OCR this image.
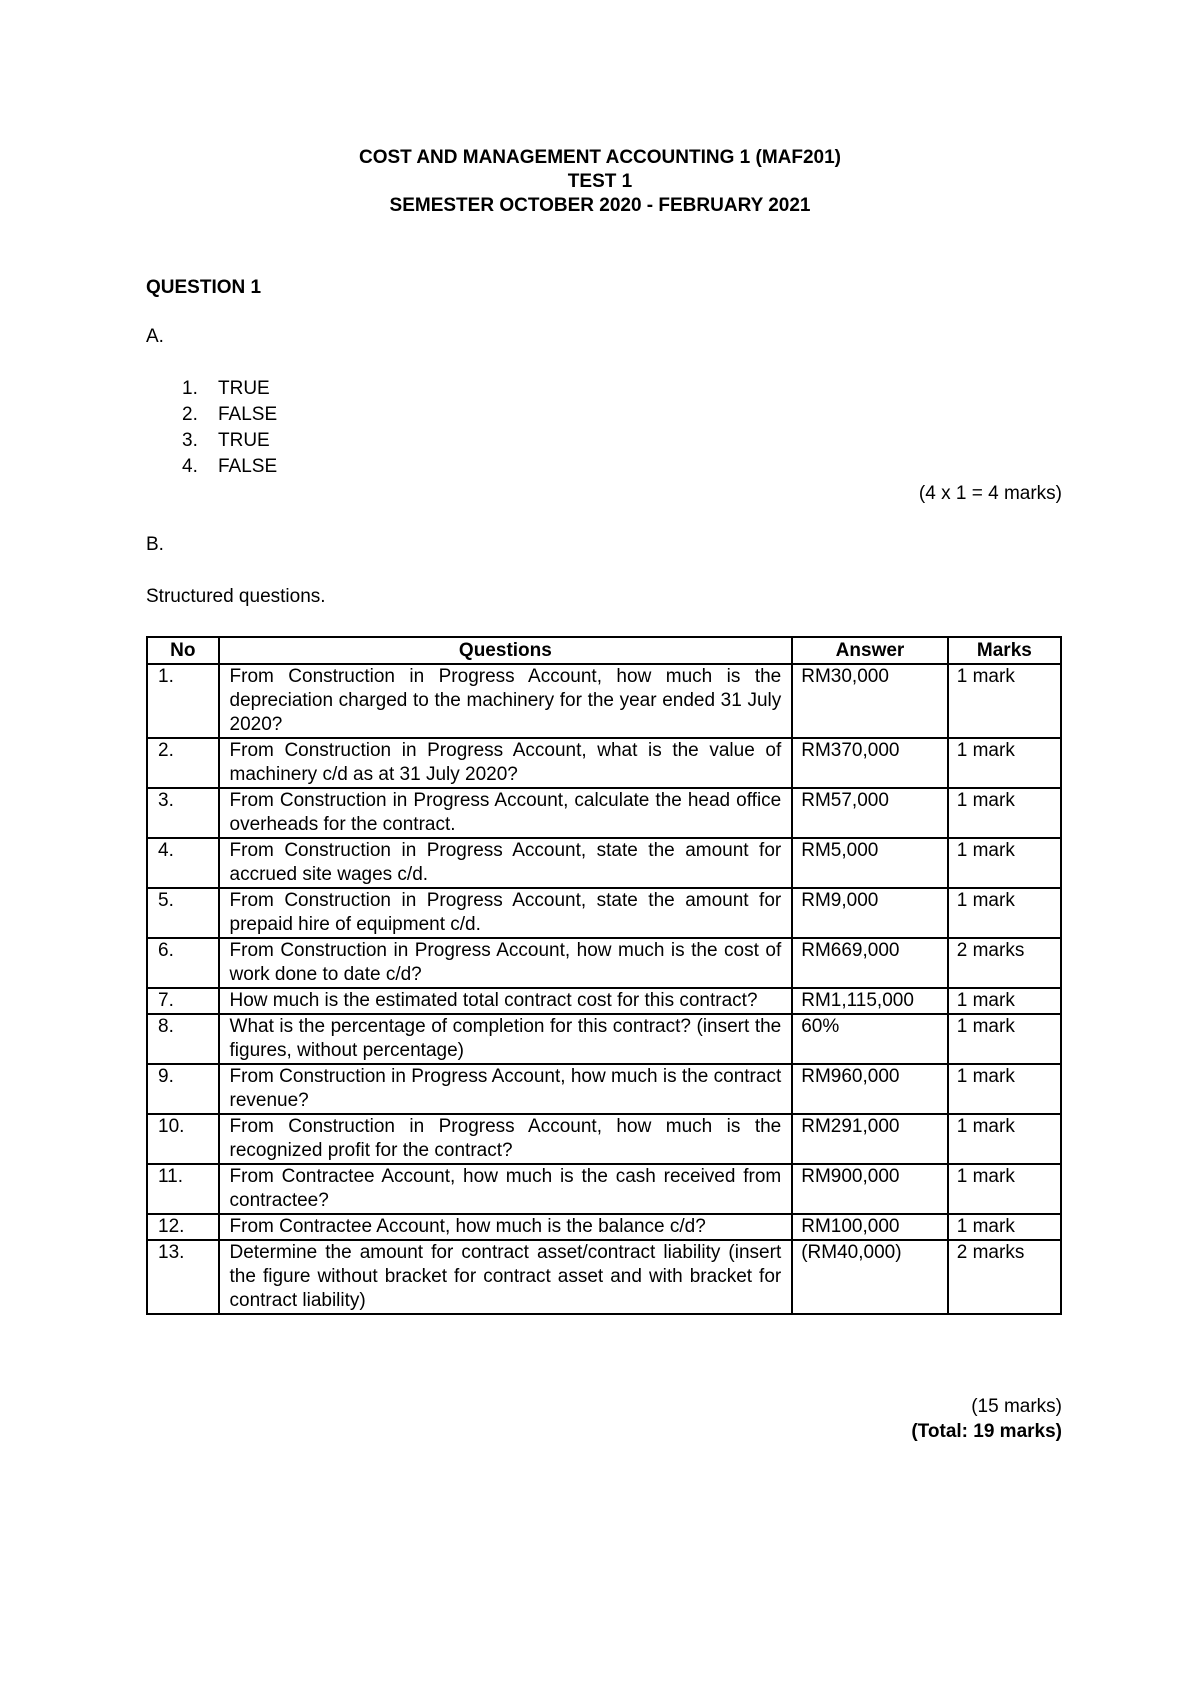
COST AND MANAGEMENT ACCOUNTING 1 (MAF201)
TEST 1
SEMESTER OCTOBER 2020 - FEBRUARY 2021
QUESTION 1
A.
1.	TRUE
2.	FALSE
3.	TRUE
4.	FALSE
(4 x 1 = 4 marks)
B.
Structured questions.
No	Questions	Answer	Marks
1.	From Construction in Progress Account, how much is the depreciation charged to the machinery for the year ended 31 July 2020?	RM30,000	1 mark
2.	From Construction in Progress Account, what is the value of machinery c/d as at 31 July 2020?	RM370,000	1 mark
3.	From Construction in Progress Account, calculate the head office overheads for the contract.	RM57,000	1 mark
4.	From Construction in Progress Account, state the amount for accrued site wages c/d.	RM5,000	1 mark
5.	From Construction in Progress Account, state the amount for prepaid hire of equipment c/d.	RM9,000	1 mark
6.	From Construction in Progress Account, how much is the cost of work done to date c/d?	RM669,000	2 marks
7.	How much is the estimated total contract cost for this contract?	RM1,115,000	1 mark
8.	What is the percentage of completion for this contract? (insert the figures, without percentage)	60%	1 mark
9.	From Construction in Progress Account, how much is the contract revenue?	RM960,000	1 mark
10.	From Construction in Progress Account, how much is the recognized profit for the contract?	RM291,000	1 mark
11.	From Contractee Account, how much is the cash received from contractee?	RM900,000	1 mark
12.	From Contractee Account, how much is the balance c/d?	RM100,000	1 mark
13.	Determine the amount for contract asset/contract liability (insert the figure without bracket for contract asset and with bracket for contract liability)	(RM40,000)	2 marks
(15 marks)
(Total: 19 marks)
